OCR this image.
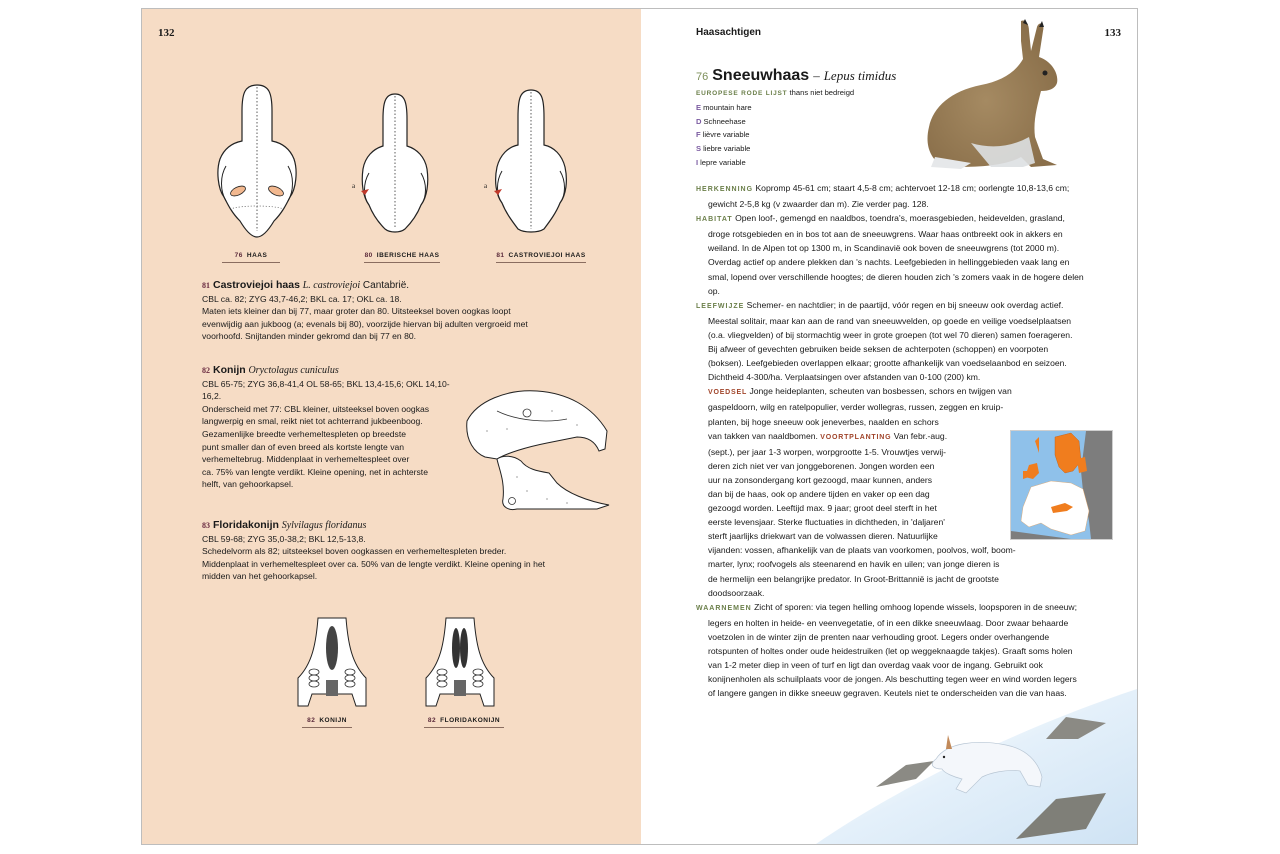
132
76 HAAS
a
80 IBERISCHE HAAS
a
81 CASTROVIEJOI HAAS

81 Castroviejoi haas L. castroviejoi Cantabrië.

CBL ca. 82; ZYG 43,7-46,2; BKL ca. 17; OKL ca. 18.

Maten iets kleiner dan bij 77, maar groter dan 80. Uitsteeksel boven oogkas loopt

evenwijdig aan jukboog (a; evenals bij 80), voorzijde hiervan bij adulten vergroeid met

voorhoofd. Snijtanden minder gekromd dan bij 77 en 80.

82 Konijn Oryctolagus cuniculus

CBL 65-75; ZYG 36,8-41,4 OL 58-65; BKL 13,4-15,6; OKL 14,10-

16,2.

Onderscheid met 77: CBL kleiner, uitsteeksel boven oogkas

langwerpig en smal, reikt niet tot achterrand jukbeenboog.

Gezamenlijke breedte verhemeltespleten op breedste

punt smaller dan of even breed als kortste lengte van

verhemeltebrug. Middenplaat in verhemeltespleet over

ca. 75% van lengte verdikt. Kleine opening, net in achterste

helft, van gehoorkapsel.

83 Floridakonijn Sylvilagus floridanus

CBL 59-68; ZYG 35,0-38,2; BKL 12,5-13,8.

Schedelvorm als 82; uitsteeksel boven oogkassen en verhemeltespleten breder.

Middenplaat in verhemeltespleet over ca. 50% van de lengte verdikt. Kleine opening in het

midden van het gehoorkapsel.

82 KONIJN	82 FLORIDAKONIJN
Haasachtigen	133
76 Sneeuwhaas – Lepus timidus
EUROPESE RODE LIJST thans niet bedreigd
E mountain hare
D Schneehase
F lièvre variable
S liebre variable
I lepre variable

HERKENNING Kopromp 45-61 cm; staart 4,5-8 cm; achtervoet 12-18 cm; oorlengte 10,8-13,6 cm; gewicht 2-5,8 kg (v zwaarder dan m). Zie verder pag. 128.

HABITAT Open loof-, gemengd en naaldbos, toendra's, moerasgebieden, heidevelden, grasland, droge rotsgebieden en in bos tot aan de sneeuwgrens. Waar haas ontbreekt ook in akkers en weiland. In de Alpen tot op 1300 m, in Scandinavië ook boven de sneeuwgrens (tot 2000 m). Overdag actief op andere plekken dan 's nachts. Leefgebieden in hellinggebieden vaak lang en smal, lopend over verschillende hoogtes; de dieren houden zich 's zomers vaak in de hogere delen op.

LEEFWIJZE Schemer- en nachtdier; in de paartijd, vóór regen en bij sneeuw ook overdag actief. Meestal solitair, maar kan aan de rand van sneeuwvelden, op goede en veilige voedselplaatsen (o.a. vliegvelden) of bij stormachtig weer in grote groepen (tot wel 70 dieren) samen foerageren. Bij afweer of gevechten gebruiken beide seksen de achterpoten (schoppen) en voorpoten (boksen). Leefgebieden overlappen elkaar; grootte afhankelijk van voedselaanbod en seizoen. Dichtheid 4-300/ha. Verplaatsingen over afstanden van 0-100 (200) km.

VOEDSEL Jonge heideplanten, scheuten van bosbessen, schors en twijgen van
gaspeldoorn, wilg en ratelpopulier, verder wollegras, russen, zeggen en kruip-
planten, bij hoge sneeuw ook jeneverbes, naalden en schors
van takken van naaldbomen. VOORTPLANTING Van febr.-aug.
(sept.), per jaar 1-3 worpen, worpgrootte 1-5. Vrouwtjes verwij-
deren zich niet ver van jonggeborenen. Jongen worden een
uur na zonsondergang kort gezoogd, maar kunnen, anders
dan bij de haas, ook op andere tijden en vaker op een dag
gezoogd worden. Leeftijd max. 9 jaar; groot deel sterft in het
eerste levensjaar. Sterke fluctuaties in dichtheden, in 'daljaren'
sterft jaarlijks driekwart van de volwassen dieren. Natuurlijke
vijanden: vossen, afhankelijk van de plaats van voorkomen, poolvos, wolf, boom-
marter, lynx; roofvogels als steenarend en havik en uilen; van jonge dieren is
de hermelijn een belangrijke predator. In Groot-Brittannië is jacht de grootste
doodsoorzaak.

WAARNEMEN Zicht of sporen: via tegen helling omhoog lopende wissels, loopsporen in de sneeuw; legers en holten in heide- en veenvegetatie, of in een dikke sneeuwlaag. Door zwaar behaarde voetzolen in de winter zijn de prenten naar verhouding groot. Legers onder overhangende rotspunten of holtes onder oude heidestruiken (let op weggeknaagde takjes). Graaft soms holen van 1-2 meter diep in veen of turf en ligt dan overdag vaak voor de ingang. Gebruikt ook konijnenholen als schuilplaats voor de jongen. Als beschutting tegen weer en wind worden legers of langere gangen in dikke sneeuw gegraven. Keutels niet te onderscheiden van die van haas.
